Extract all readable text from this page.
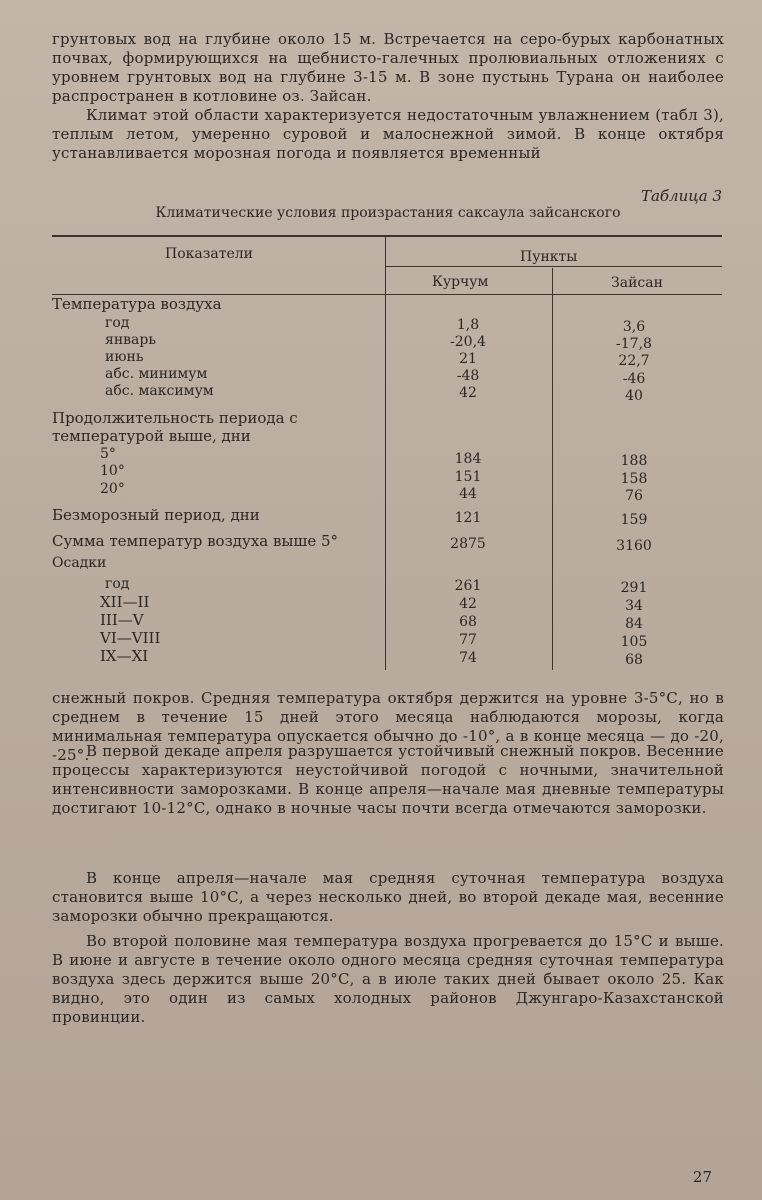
грунтовых вод на глубине около 15 м. Встречается на серо-бурых карбонатных почвах, формирующихся на щебнисто-галечных пролювиальных отложениях с уровнем грунтовых вод на глубине 3-15 м. В зоне пустынь Турана он наиболее распространен в котловине оз. Зайсан.
Климат этой области характеризуется недостаточным увлажнением (табл 3), теплым летом, умеренно суровой и малоснежной зимой. В конце октября устанавливается морозная погода и появляется временный
Таблица 3
Климатические условия произрастания саксаула зайсанского
Показатели	Пункты
Курчум	Зайсан
Температура воздуха
год
январь
июнь
абс. минимум
абс. максимум
Продолжительность периода с
температурой выше, дни
5°
10°
20°
Безморозный период, дни
Сумма температур воздуха выше 5°
Осадки
год
XII—II
III—V
VI—VIII
IX—XI
1,8
-20,4
21
-48
42
184
151
44
121
2875
261
42
68
77
74
3,6
-17,8
22,7
-46
40
188
158
76
159
3160
291
34
84
105
68
снежный покров. Средняя температура октября держится на уровне 3-5°С, но в среднем в течение 15 дней этого месяца наблюдаются морозы, когда минимальная температура опускается обычно до -10°, а в конце месяца — до -20, -25°.
В первой декаде апреля разрушается устойчивый снежный покров. Весенние процессы характеризуются неустойчивой погодой с ночными, значительной интенсивности заморозками. В конце апреля—начале мая дневные температуры достигают 10-12°С, однако в ночные часы почти всегда отмечаются заморозки.
В конце апреля—начале мая средняя суточная температура воздуха становится выше 10°С, а через несколько дней, во второй декаде мая, весенние заморозки обычно прекращаются.
Во второй половине мая температура воздуха прогревается до 15°С и выше. В июне и августе в течение около одного месяца средняя суточная температура воздуха здесь держится выше 20°С, а в июле таких дней бывает около 25. Как видно, это один из самых холодных районов Джунгаро-Казахстанской провинции.
27
